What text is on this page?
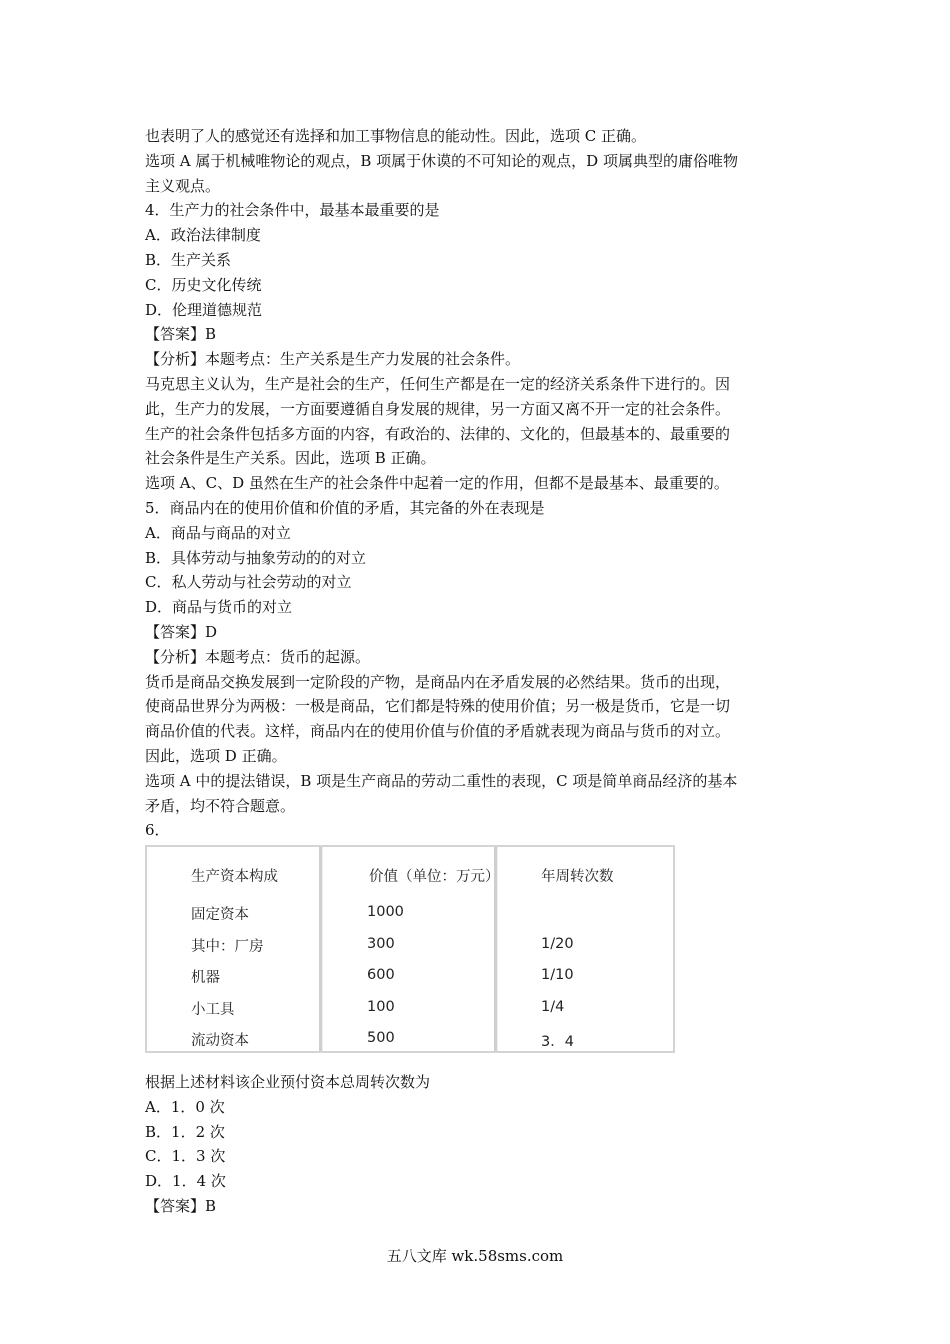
也表明了人的感觉还有选择和加工事物信息的能动性。因此，选项 C 正确。

选项 A 属于机械唯物论的观点，B 项属于休谟的不可知论的观点，D 项属典型的庸俗唯物

主义观点。

4．生产力的社会条件中，最基本最重要的是

A．政治法律制度

B．生产关系

C．历史文化传统

D．伦理道德规范

【答案】B

【分析】本题考点：生产关系是生产力发展的社会条件。

马克思主义认为，生产是社会的生产，任何生产都是在一定的经济关系条件下进行的。因

此，生产力的发展，一方面要遵循自身发展的规律，另一方面又离不开一定的社会条件。

生产的社会条件包括多方面的内容，有政治的、法律的、文化的，但最基本的、最重要的

社会条件是生产关系。因此，选项 B 正确。

选项 A、C、D 虽然在生产的社会条件中起着一定的作用，但都不是最基本、最重要的。

5．商品内在的使用价值和价值的矛盾，其完备的外在表现是

A．商品与商品的对立

B．具体劳动与抽象劳动的的对立

C．私人劳动与社会劳动的对立

D．商品与货币的对立

【答案】D

【分析】本题考点：货币的起源。

货币是商品交换发展到一定阶段的产物，是商品内在矛盾发展的必然结果。货币的出现，

使商品世界分为两极：一极是商品，它们都是特殊的使用价值；另一极是货币，它是一切

商品价值的代表。这样，商品内在的使用价值与价值的矛盾就表现为商品与货币的对立。

因此，选项 D 正确。

选项 A 中的提法错误，B 项是生产商品的劳动二重性的表现，C 项是简单商品经济的基本

矛盾，均不符合题意。

6．

生产资本构成	价值（单位：万元）	年周转次数
固定资本	1000
其中：厂房	300	1/20
机器	600	1/10
小工具	100	1/4
流动资本	500	3．4

根据上述材料该企业预付资本总周转次数为

A．1．0 次

B．1．2 次

C．1．3 次

D．1．4 次

【答案】B

五八文库 wk.58sms.com
